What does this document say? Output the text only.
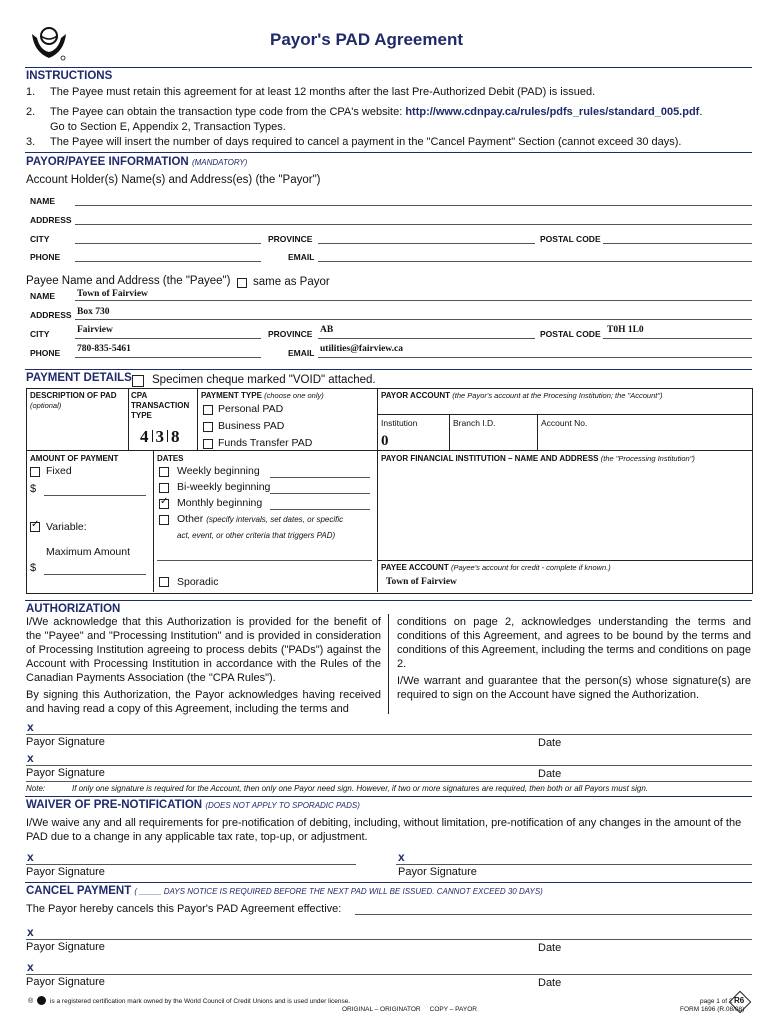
Payor's PAD Agreement
INSTRUCTIONS
1. The Payee must retain this agreement for at least 12 months after the last Pre-Authorized Debit (PAD) is issued.
2. The Payee can obtain the transaction type code from the CPA's website: http://www.cdnpay.ca/rules/pdfs_rules/standard_005.pdf.
Go to Section E, Appendix 2, Transaction Types.
3. The Payee will insert the number of days required to cancel a payment in the "Cancel Payment" Section (cannot exceed 30 days).
PAYOR/PAYEE INFORMATION (MANDATORY)
Account Holder(s) Name(s) and Address(es) (the "Payor")
NAME
ADDRESS
CITY	PROVINCE	POSTAL CODE
PHONE	EMAIL
Payee Name and Address (the "Payee") same as Payor
NAME Town of Fairview
ADDRESS Box 730
CITY	Fairview	PROVINCE AB	POSTAL CODE T0H 1L0
PHONE 780-835-5461	EMAIL utilities@fairview.ca
PAYMENT DETAILS Specimen cheque marked "VOID" attached.
DESCRIPTION OF PAD
(optional)
CPA
TRANSACTION
TYPE
4 3 8
PAYMENT TYPE (choose one only)
Personal PAD
Business PAD
Funds Transfer PAD
PAYOR ACCOUNT (the Payor's account at the Procesing Institution; the "Account")
Institution	Branch I.D.	Account No.
0
AMOUNT OF PAYMENT
Fixed
$
✓ Variable:
Maximum Amount
$
DATES
Weekly beginning
Bi-weekly beginning
✓ Monthly beginning
Other (specify intervals, set dates, or specific
act, event, or other criteria that triggers PAD)
Sporadic
PAYOR FINANCIAL INSTITUTION – NAME AND ADDRESS (the "Processing Institution")
PAYEE ACCOUNT (Payee's account for credit - complete if known.)
Town of Fairview
AUTHORIZATION
I/We acknowledge that this Authorization is provided for the benefit of the "Payee" and "Processing Institution" and is provided in consideration of Processing Institution agreeing to process debits ("PADs") against the Account with Processing Institution in accordance with the Rules of the Canadian Payments Association (the "CPA Rules").
By signing this Authorization, the Payor acknowledges having received and having read a copy of this Agreement, including the terms and
conditions on page 2, acknowledges understanding the terms and conditions of this Agreement, and agrees to be bound by the terms and conditions of this Agreement, including the terms and conditions on page 2.
I/We warrant and guarantee that the person(s) whose signature(s) are required to sign on the Account have signed the Authorization.
x
Payor Signature	Date
x
Payor Signature	Date
Note:	If only one signature is required for the Account, then only one Payor need sign. However, if two or more signatures are required, then both or all Payors must sign.
WAIVER OF PRE-NOTIFICATION (DOES NOT APPLY TO SPORADIC PADS)
I/We waive any and all requirements for pre-notification of debiting, including, without limitation, pre-notification of any changes in the amount of the PAD due to a change in any applicable tax rate, top-up, or adjustment.
x
Payor Signature
x
Payor Signature
CANCEL PAYMENT ( _____ DAYS NOTICE IS REQUIRED BEFORE THE NEXT PAD WILL BE ISSUED. CANNOT EXCEED 30 DAYS)
The Payor hereby cancels this Payor's PAD Agreement effective:
x
Payor Signature	Date
x
Payor Signature	Date
®	is a registered certification mark owned by the World Council of Credit Unions and is used under license.
ORIGINAL – ORIGINATOR     COPY – PAYOR
page 1 of 2
FORM 1696 (R.08/08)
R6
